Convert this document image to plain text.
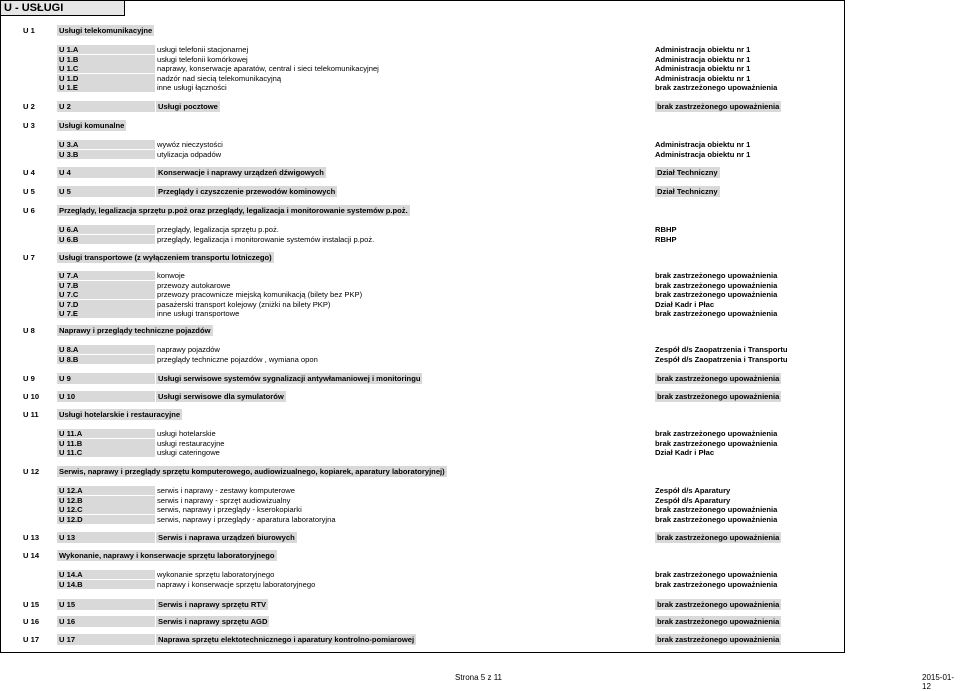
U - USŁUGI
U 1	Usługi telekomunikacyjne
U 1.A	usługi telefonii stacjonarnej	Administracja obiektu nr 1
U 1.B	usługi telefonii komórkowej	Administracja obiektu nr 1
U 1.C	naprawy, konserwacje aparatów, central i sieci telekomunikacyjnej	Administracja obiektu nr 1
U 1.D	nadzór nad siecią telekomunikacyjną	Administracja obiektu nr 1
U 1.E	inne usługi łączności	brak zastrzeżonego upoważnienia
U 2	U 2	Usługi pocztowe	brak zastrzeżonego upoważnienia
U 3	Usługi komunalne
U 3.A	wywóz nieczystości	Administracja obiektu nr 1
U 3.B	utylizacja odpadów	Administracja obiektu nr 1
U 4	U 4	Konserwacje i naprawy urządzeń dźwigowych	Dział Techniczny
U 5	U 5	Przeglądy i czyszczenie przewodów kominowych	Dział Techniczny
U 6	Przeglądy, legalizacja sprzętu p.poż oraz przeglądy, legalizacja i monitorowanie systemów p.poż.
U 6.A	przeglądy, legalizacja sprzętu p.poż.	RBHP
U 6.B	przeglądy, legalizacja i monitorowanie systemów instalacji p.poż.	RBHP
U 7	Usługi transportowe (z wyłączeniem transportu lotniczego)
U 7.A	konwoje	brak zastrzeżonego upoważnienia
U 7.B	przewozy autokarowe	brak zastrzeżonego upoważnienia
U 7.C	przewozy pracownicze miejską komunikacją (bilety bez PKP)	brak zastrzeżonego upoważnienia
U 7.D	pasażerski transport kolejowy (zniżki na bilety PKP)	Dział Kadr i Płac
U 7.E	inne usługi transportowe	brak zastrzeżonego upoważnienia
U 8	Naprawy i przeglądy techniczne pojazdów
U 8.A	naprawy pojazdów	Zespół d/s Zaopatrzenia i Transportu
U 8.B	przeglądy techniczne pojazdów , wymiana opon	Zespół d/s Zaopatrzenia i Transportu
U 9	U 9	Usługi serwisowe systemów sygnalizacji antywłamaniowej i monitoringu	brak zastrzeżonego upoważnienia
U 10	U 10	Usługi serwisowe dla symulatorów	brak zastrzeżonego upoważnienia
U 11	Usługi hotelarskie i restauracyjne
U 11.A	usługi hotelarskie	brak zastrzeżonego upoważnienia
U 11.B	usługi restauracyjne	brak zastrzeżonego upoważnienia
U 11.C	usługi cateringowe	Dział Kadr i Płac
U 12	Serwis, naprawy i przeglądy sprzętu komputerowego, audiowizualnego, kopiarek, aparatury laboratoryjnej)
U 12.A	serwis i naprawy - zestawy komputerowe	Zespół d/s Aparatury
U 12.B	serwis i naprawy - sprzęt audiowizualny	Zespół d/s Aparatury
U 12.C	serwis, naprawy i przeglądy - kserokopiarki	brak zastrzeżonego upoważnienia
U 12.D	serwis, naprawy i przeglądy - aparatura laboratoryjna	brak zastrzeżonego upoważnienia
U 13	U 13	Serwis i naprawa urządzeń biurowych	brak zastrzeżonego upoważnienia
U 14	Wykonanie, naprawy i konserwacje sprzętu laboratoryjnego
U 14.A	wykonanie sprzętu laboratoryjnego	brak zastrzeżonego upoważnienia
U 14.B	naprawy i konserwacje sprzętu laboratoryjnego	brak zastrzeżonego upoważnienia
U 15	U 15	Serwis i naprawy sprzętu RTV	brak zastrzeżonego upoważnienia
U 16	U 16	Serwis i naprawy sprzętu AGD	brak zastrzeżonego upoważnienia
U 17	U 17	Naprawa sprzętu elektotechnicznego i aparatury kontrolno-pomiarowej	brak zastrzeżonego upoważnienia
Strona 5 z 11	2015-01-12
